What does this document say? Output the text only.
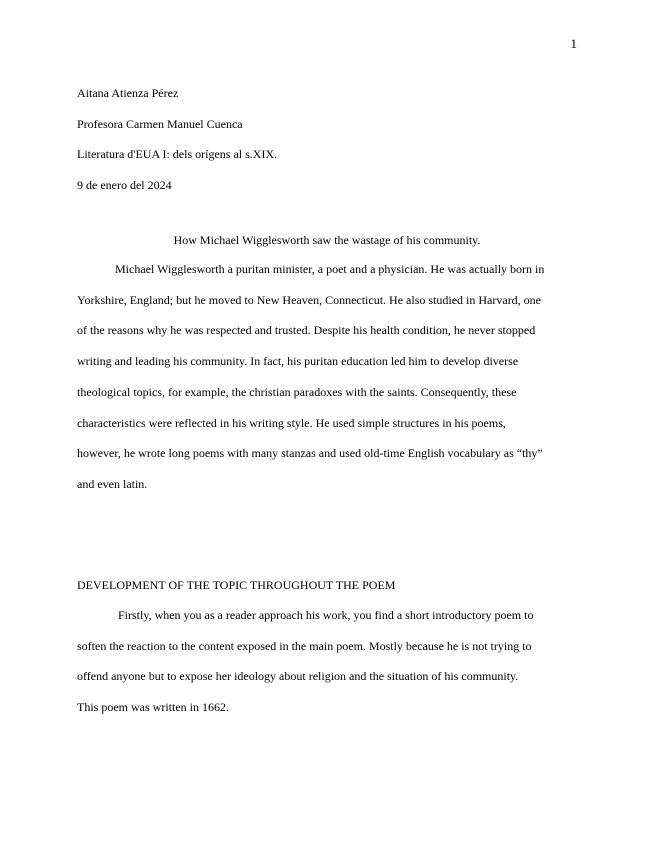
1
Aitana Atienza Pérez
Profesora Carmen Manuel Cuenca
Literatura d'EUA I: dels orígens al s.XIX.
9 de enero del 2024
How Michael Wigglesworth saw the wastage of his community.
Michael Wigglesworth a puritan minister, a poet and a physician. He was actually born in
Yorkshire, England; but he moved to New Heaven, Connecticut. He also studied in Harvard, one
of the reasons why he was respected and trusted. Despite his health condition, he never stopped
writing and leading his community. In fact, his puritan education led him to develop diverse
theological topics, for example, the christian paradoxes with the saints. Consequently, these
characteristics were reflected in his writing style. He used simple structures in his poems,
however, he wrote long poems with many stanzas and used old-time English vocabulary as “thy”
and even latin.
DEVELOPMENT OF THE TOPIC THROUGHOUT THE POEM
Firstly, when you as a reader approach his work, you find a short introductory poem to
soften the reaction to the content exposed in the main poem. Mostly because he is not trying to
offend anyone but to expose her ideology about religion and the situation of his community.
This poem was written in 1662.
